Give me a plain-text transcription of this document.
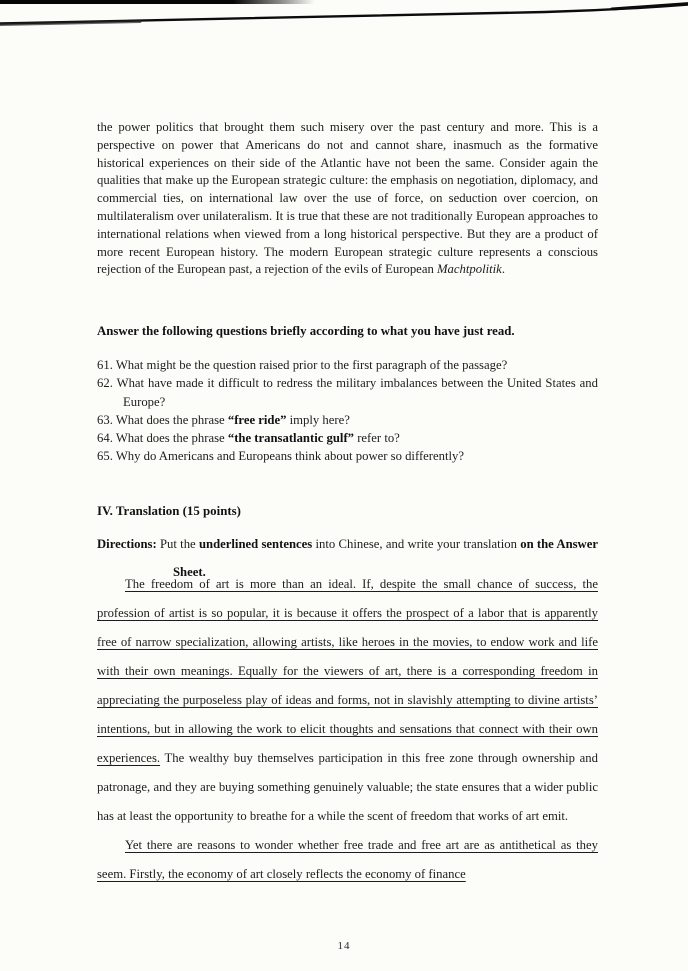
the power politics that brought them such misery over the past century and more. This is a perspective on power that Americans do not and cannot share, inasmuch as the formative historical experiences on their side of the Atlantic have not been the same. Consider again the qualities that make up the European strategic culture: the emphasis on negotiation, diplomacy, and commercial ties, on international law over the use of force, on seduction over coercion, on multilateralism over unilateralism. It is true that these are not traditionally European approaches to international relations when viewed from a long historical perspective. But they are a product of more recent European history. The modern European strategic culture represents a conscious rejection of the European past, a rejection of the evils of European Machtpolitik.

Answer the following questions briefly according to what you have just read.
61. What might be the question raised prior to the first paragraph of the passage?
62. What have made it difficult to redress the military imbalances between the United States and Europe?
63. What does the phrase “free ride” imply here?
64. What does the phrase “the transatlantic gulf” refer to?
65. Why do Americans and Europeans think about power so differently?
IV. Translation (15 points)

Directions: Put the underlined sentences into Chinese, and write your translation on the Answer Sheet.

The freedom of art is more than an ideal. If, despite the small chance of success, the profession of artist is so popular, it is because it offers the prospect of a labor that is apparently free of narrow specialization, allowing artists, like heroes in the movies, to endow work and life with their own meanings. Equally for the viewers of art, there is a corresponding freedom in appreciating the purposeless play of ideas and forms, not in slavishly attempting to divine artists’ intentions, but in allowing the work to elicit thoughts and sensations that connect with their own experiences. The wealthy buy themselves participation in this free zone through ownership and patronage, and they are buying something genuinely valuable; the state ensures that a wider public has at least the opportunity to breathe for a while the scent of freedom that works of art emit.

Yet there are reasons to wonder whether free trade and free art are as antithetical as they seem. Firstly, the economy of art closely reflects the economy of finance

14
